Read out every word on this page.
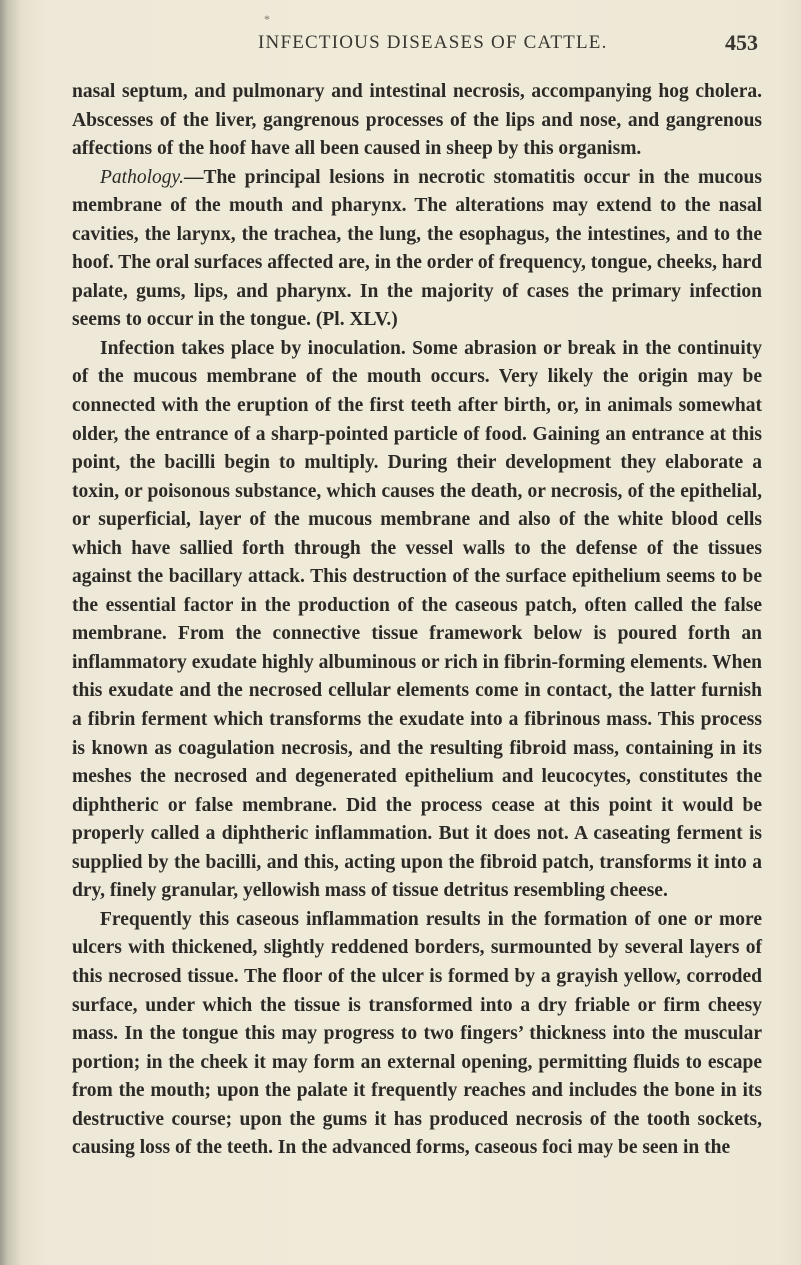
*
INFECTIOUS DISEASES OF CATTLE.	453

nasal septum, and pulmonary and intestinal necrosis, accompanying hog cholera. Abscesses of the liver, gangrenous processes of the lips and nose, and gangrenous affections of the hoof have all been caused in sheep by this organism.

Pathology.—The principal lesions in necrotic stomatitis occur in the mucous membrane of the mouth and pharynx. The alterations may extend to the nasal cavities, the larynx, the trachea, the lung, the esophagus, the intestines, and to the hoof. The oral surfaces affected are, in the order of frequency, tongue, cheeks, hard palate, gums, lips, and pharynx. In the majority of cases the primary infection seems to occur in the tongue. (Pl. XLV.)

Infection takes place by inoculation. Some abrasion or break in the continuity of the mucous membrane of the mouth occurs. Very likely the origin may be connected with the eruption of the first teeth after birth, or, in animals somewhat older, the entrance of a sharp-pointed particle of food. Gaining an entrance at this point, the bacilli begin to multiply. During their development they elaborate a toxin, or poisonous substance, which causes the death, or necrosis, of the epithelial, or superficial, layer of the mucous membrane and also of the white blood cells which have sallied forth through the vessel walls to the defense of the tissues against the bacillary attack. This destruction of the surface epithelium seems to be the essential factor in the production of the caseous patch, often called the false membrane. From the connective tissue framework below is poured forth an inflammatory exudate highly albuminous or rich in fibrin-forming elements. When this exudate and the necrosed cellular elements come in contact, the latter furnish a fibrin ferment which transforms the exudate into a fibrinous mass. This process is known as coagulation necrosis, and the resulting fibroid mass, containing in its meshes the necrosed and degenerated epithelium and leucocytes, constitutes the diphtheric or false membrane. Did the process cease at this point it would be properly called a diphtheric inflammation. But it does not. A caseating ferment is supplied by the bacilli, and this, acting upon the fibroid patch, transforms it into a dry, finely granular, yellowish mass of tissue detritus resembling cheese.

Frequently this caseous inflammation results in the formation of one or more ulcers with thickened, slightly reddened borders, surmounted by several layers of this necrosed tissue. The floor of the ulcer is formed by a grayish yellow, corroded surface, under which the tissue is transformed into a dry friable or firm cheesy mass. In the tongue this may progress to two fingers’ thickness into the muscular portion; in the cheek it may form an external opening, permitting fluids to escape from the mouth; upon the palate it frequently reaches and includes the bone in its destructive course; upon the gums it has produced necrosis of the tooth sockets, causing loss of the teeth. In the advanced forms, caseous foci may be seen in the
